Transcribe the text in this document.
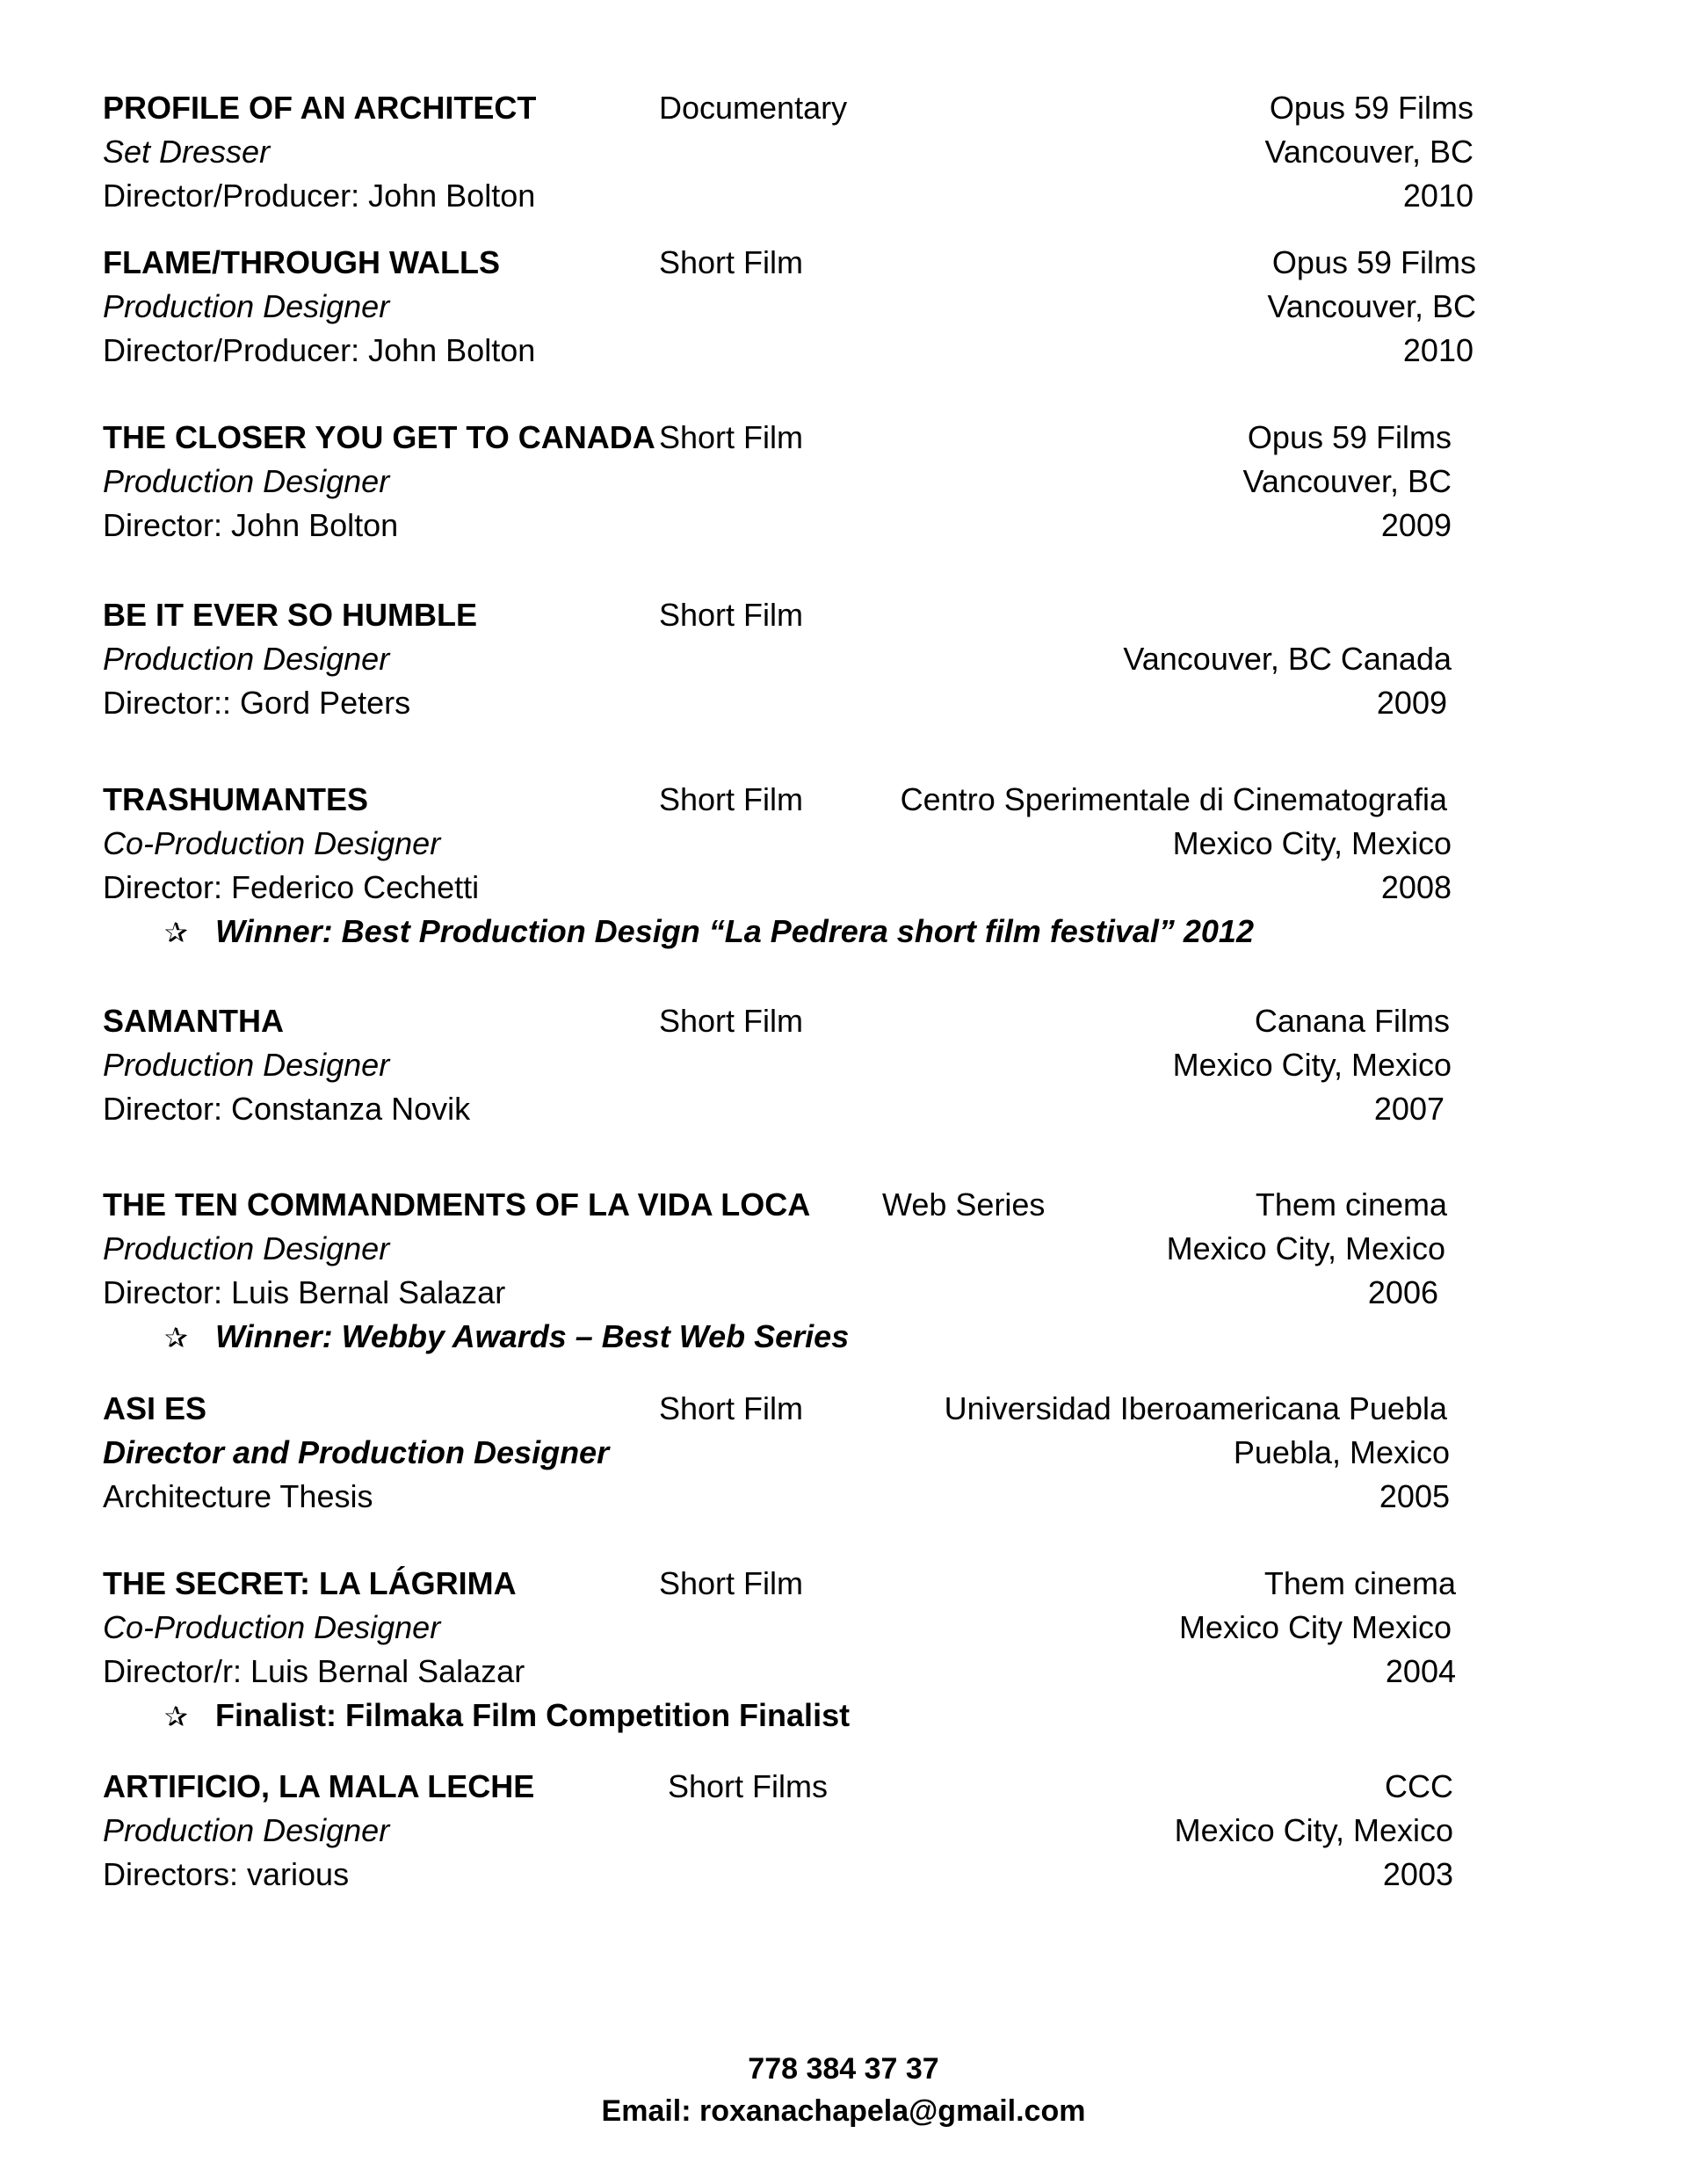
PROFILE OF AN ARCHITECT	Documentary	Opus 59 Films
Set Dresser	Vancouver, BC
Director/Producer: John Bolton	2010
FLAME/THROUGH WALLS	Short Film	Opus 59 Films
Production Designer	Vancouver, BC
Director/Producer: John Bolton	2010
THE CLOSER YOU GET TO CANADA Short Film	Opus 59 Films
Production Designer	Vancouver, BC
Director: John Bolton	2009
BE IT EVER SO HUMBLE	Short Film
Production Designer	Vancouver, BC Canada
Director:: Gord Peters	2009
TRASHUMANTES	Short Film	Centro Sperimentale di Cinematografia
Co-Production Designer	Mexico City, Mexico
Director: Federico Cechetti	2008
✰ Winner: Best Production Design “La Pedrera short film festival” 2012
SAMANTHA	Short Film	Canana Films
Production Designer	Mexico City, Mexico
Director: Constanza Novik	2007
THE TEN COMMANDMENTS OF LA VIDA LOCA Web Series	Them cinema
Production Designer	Mexico City, Mexico
Director: Luis Bernal Salazar	2006
✰ Winner: Webby Awards – Best Web Series
ASI ES	Short Film	Universidad Iberoamericana Puebla
Director and Production Designer	Puebla, Mexico
Architecture Thesis	2005
THE SECRET: LA LÁGRIMA	Short Film	Them cinema
Co-Production Designer	Mexico City Mexico
Director/r: Luis Bernal Salazar	2004
✰ Finalist: Filmaka Film Competition Finalist
ARTIFICIO, LA MALA LECHE	Short Films	CCC
Production Designer	Mexico City, Mexico
Directors: various	2003
778 384 37 37
Email: roxanachapela@gmail.com
